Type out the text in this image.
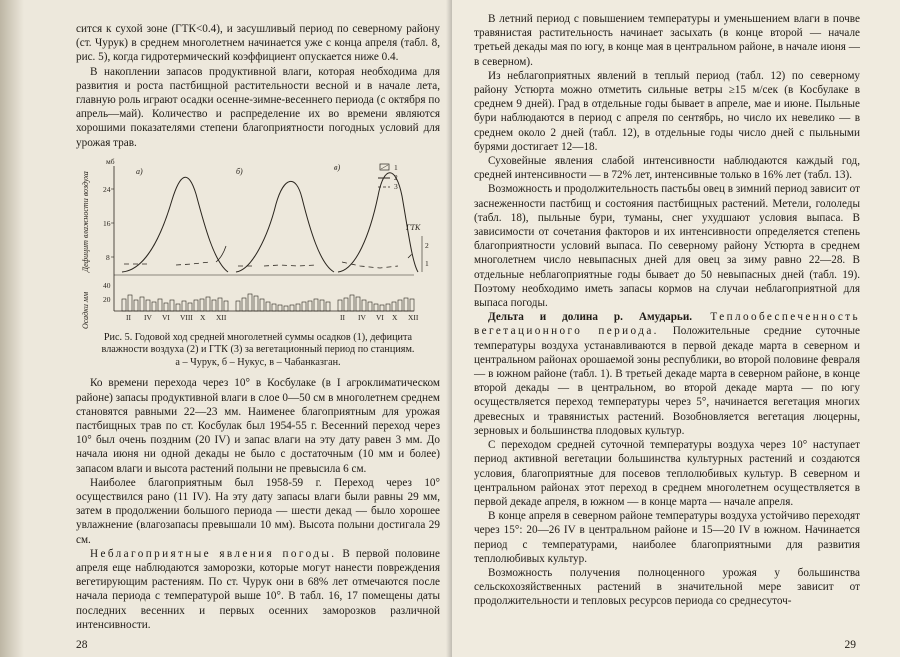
сится к сухой зоне (ГТК<0.4), и засушливый период по северному району (ст. Чурук) в среднем многолетнем начинается уже с конца апреля (табл. 8, рис. 5), когда гидротермический коэффициент опускается ниже 0.4.

В накоплении запасов продуктивной влаги, которая необходима для развития и роста пастбищной растительности весной и в начале лета, главную роль играют осадки осенне-зимне-весеннего периода (с октября по апрель—май). Количество и распределение их во времени являются хорошими показателями степени благоприятности погодных условий для урожая трав.

Дефицит влажности воздуха
Осадки мм
мб
24
16
8
40
20
а)	б)	в)	1
2
3
ГТК
2
1
II IV VI VIII X XII	II IV VI X XII
Рис. 5. Годовой ход средней многолетней суммы осадков (1), дефицита влажности воздуха (2) и ГТК (3) за вегетационный период по станциям.
а – Чурук, б – Нукус, в – Чабанказган.

Ко времени перехода через 10° в Косбулаке (в I агроклиматическом районе) запасы продуктивной влаги в слое 0—50 см в многолетнем среднем становятся равными 22—23 мм. Наименее благоприятным для урожая пастбищных трав по ст. Косбулак был 1954-55 г. Весенний переход через 10° был очень поздним (20 IV) и запас влаги на эту дату равен 3 мм. До начала июня ни одной декады не было с достаточным (10 мм и более) запасом влаги и высота растений полыни не превысила 6 см.

Наиболее благоприятным был 1958-59 г. Переход через 10° осуществился рано (11 IV). На эту дату запасы влаги были равны 29 мм, затем в продолжении большого периода — шести декад — было хорошее увлажнение (влагозапасы превышали 10 мм). Высота полыни достигала 29 см.

Неблагоприятные явления погоды. В первой половине апреля еще наблюдаются заморозки, которые могут нанести повреждения вегетирующим растениям. По ст. Чурук они в 68% лет отмечаются после начала периода с температурой выше 10°. В табл. 16, 17 помещены даты последних весенних и первых осенних заморозков различной интенсивности.

28

В летний период с повышением температуры и уменьшением влаги в почве травянистая растительность начинает засыхать (в конце второй — начале третьей декады мая по югу, в конце мая в центральном районе, в начале июня — в северном).

Из неблагоприятных явлений в теплый период (табл. 12) по северному району Устюрта можно отметить сильные ветры ≥15 м/сек (в Косбулаке в среднем 9 дней). Град в отдельные годы бывает в апреле, мае и июне. Пыльные бури наблюдаются в период с апреля по сентябрь, но число их невелико — в среднем около 2 дней (табл. 12), в отдельные годы число дней с пыльными бурями достигает 12—18.

Суховейные явления слабой интенсивности наблюдаются каждый год, средней интенсивности — в 72% лет, интенсивные только в 16% лет (табл. 13).

Возможность и продолжительность пастьбы овец в зимний период зависит от заснеженности пастбищ и состояния пастбищных растений. Метели, гололеды (табл. 18), пыльные бури, туманы, снег ухудшают условия выпаса. В зависимости от сочетания факторов и их интенсивности определяется степень благоприятности условий выпаса. По северному району Устюрта в среднем многолетнем число невыпасных дней для овец за зиму равно 22—28. В отдельные неблагоприятные годы бывает до 50 невыпасных дней (табл. 19). Поэтому необходимо иметь запасы кормов на случаи неблагоприятной для выпаса погоды.

Дельта и долина р. Амударьи. Теплообеспеченность вегетационного периода. Положительные средние суточные температуры воздуха устанавливаются в первой декаде марта в северном и центральном районах орошаемой зоны республики, во второй половине февраля — в южном районе (табл. 1). В третьей декаде марта в северном районе, в конце второй декады — в центральном, во второй декаде марта — по югу осуществляется переход температуры через 5°, начинается вегетация многих древесных и травянистых растений. Возобновляется вегетация люцерны, зерновых и большинства плодовых культур.

С переходом средней суточной температуры воздуха через 10° наступает период активной вегетации большинства культурных растений и создаются условия, благоприятные для посевов теплолюбивых культур. В северном и центральном районах этот переход в среднем многолетнем осуществляется в первой декаде апреля, в южном — в конце марта — начале апреля.

В конце апреля в северном районе температуры воздуха устойчиво переходят через 15°: 20—26 IV в центральном районе и 15—20 IV в южном. Начинается период с температурами, наиболее благоприятными для развития теплолюбивых культур.

Возможность получения полноценного урожая у большинства сельскохозяйственных растений в значительной мере зависит от продолжительности и тепловых ресурсов периода со среднесуточ-

29
